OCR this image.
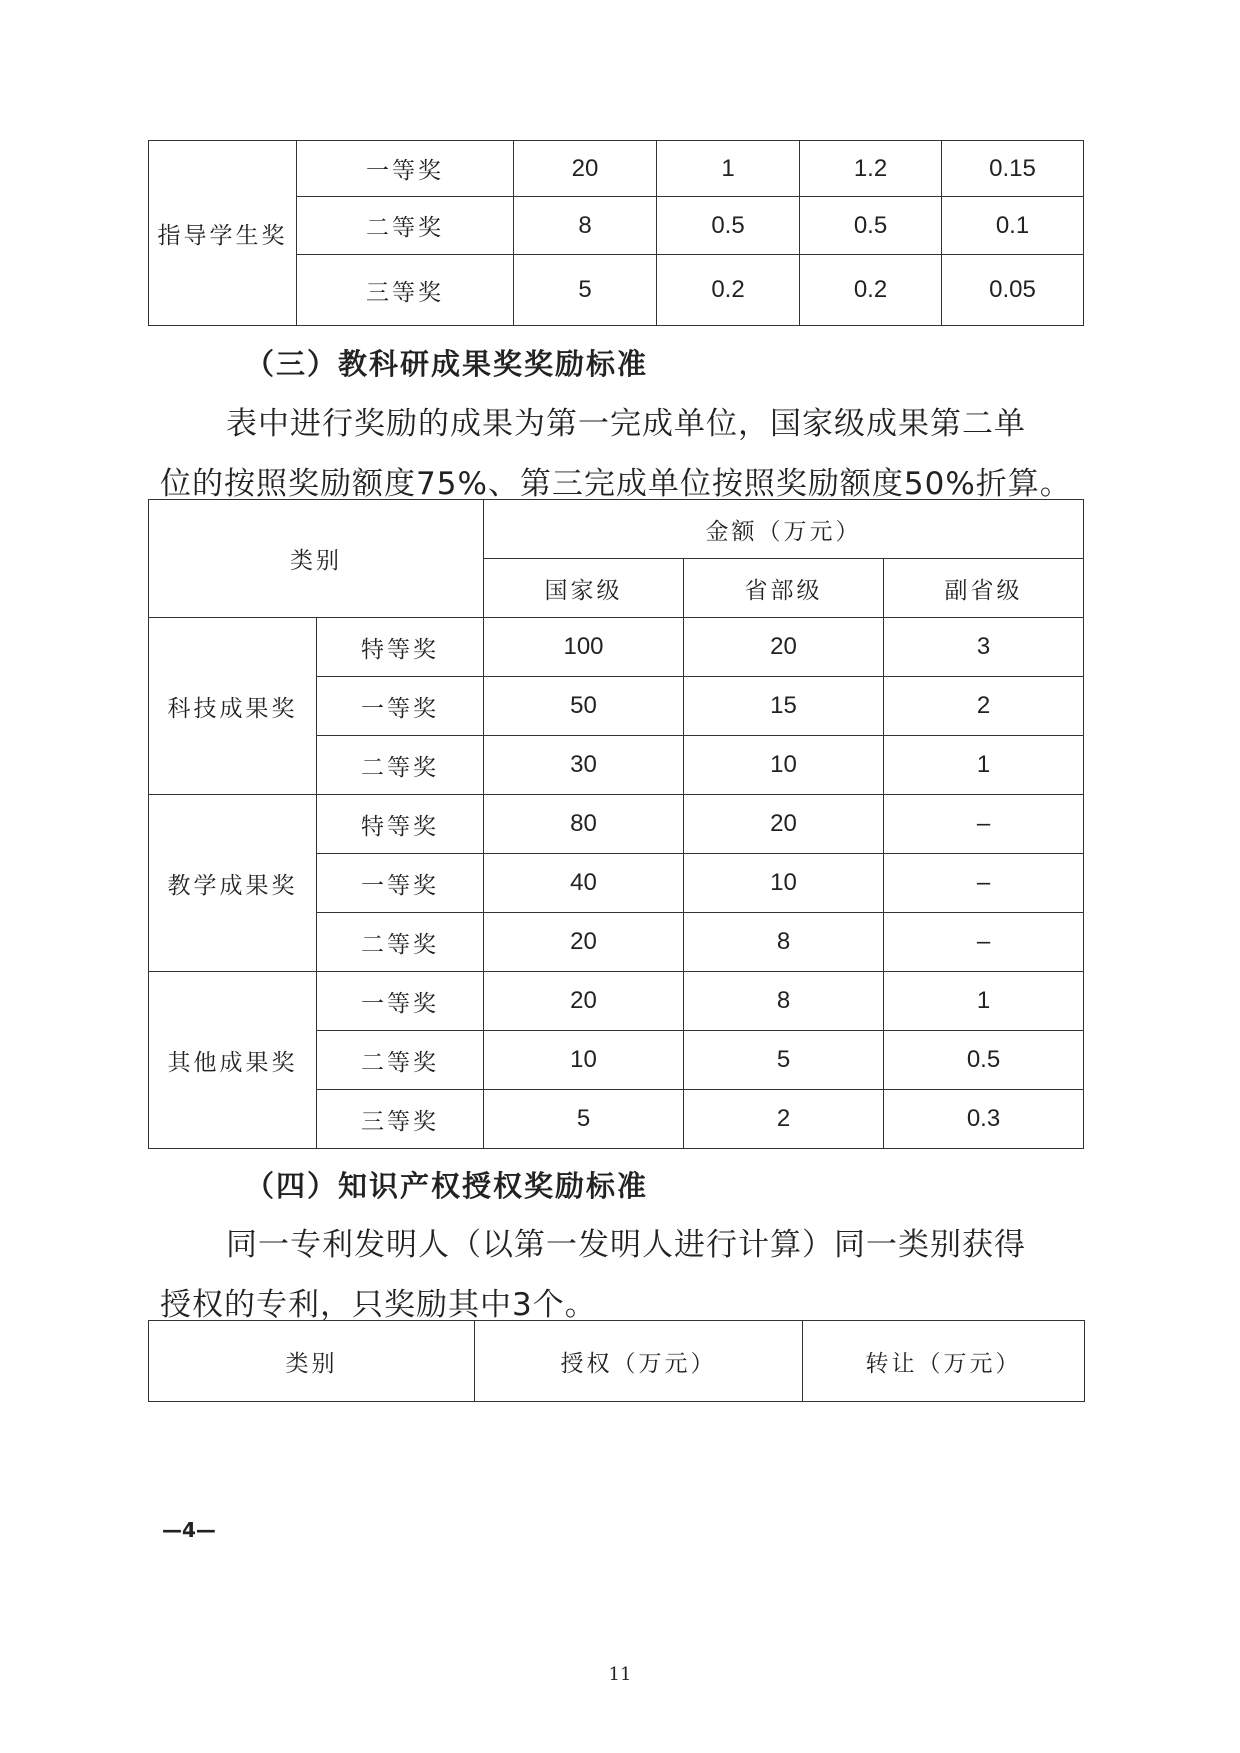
指导学生奖	一等奖	20	1	1.2	0.15
	二等奖	8	0.5	0.5	0.1
	三等奖	5	0.2	0.2	0.05
（三）教科研成果奖奖励标准
表中进行奖励的成果为第一完成单位，国家级成果第二单
位的按照奖励额度75%、第三完成单位按照奖励额度50%折算。
类别		金额（万元）		
		国家级	省部级	副省级
科技成果奖	特等奖	100	20	3
	一等奖	50	15	2
	二等奖	30	10	1
教学成果奖	特等奖	80	20	–
	一等奖	40	10	–
	二等奖	20	8	–
其他成果奖	一等奖	20	8	1
	二等奖	10	5	0.5
	三等奖	5	2	0.3
（四）知识产权授权奖励标准
同一专利发明人（以第一发明人进行计算）同一类别获得
授权的专利，只奖励其中3个。
类别	授权（万元）	转让（万元）
—4—
11
